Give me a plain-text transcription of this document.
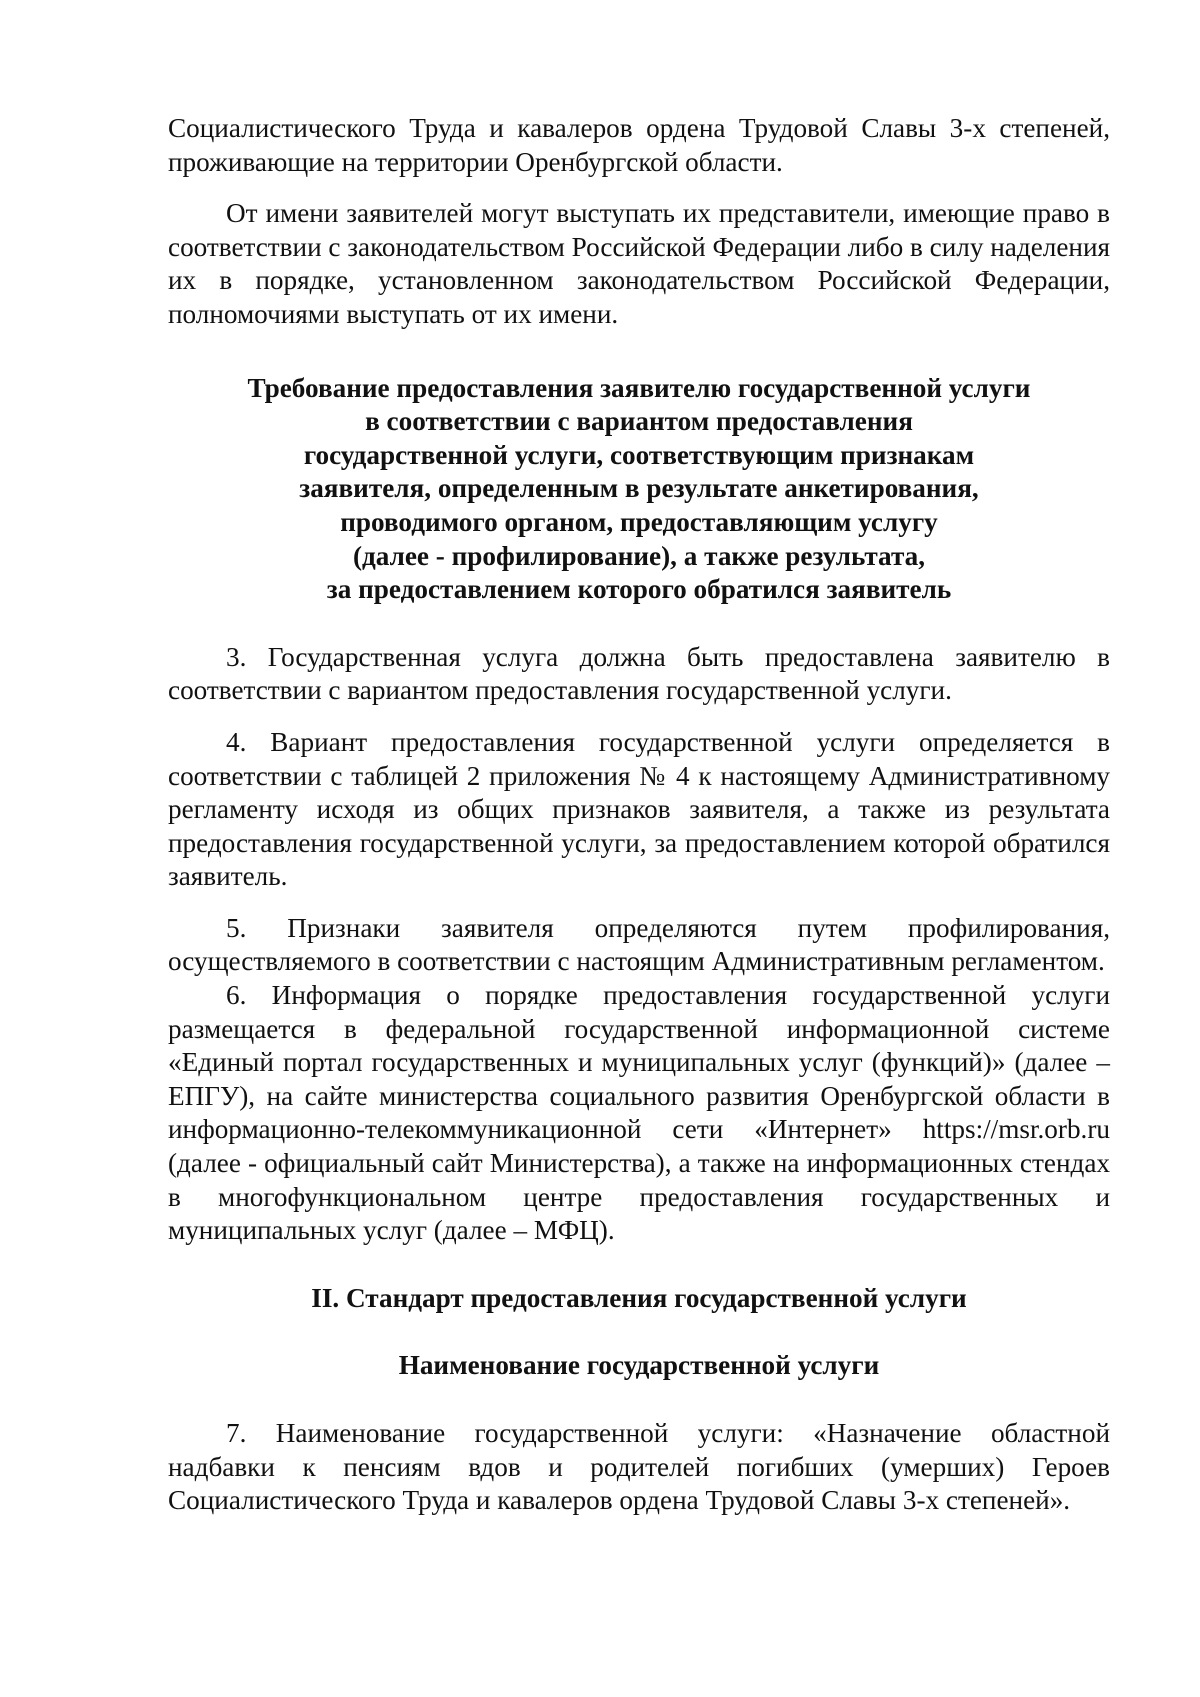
Социалистического Труда и кавалеров ордена Трудовой Славы 3-х степеней, проживающие на территории Оренбургской области.

От имени заявителей могут выступать их представители, имеющие право в соответствии с законодательством Российской Федерации либо в силу наделения их в порядке, установленном законодательством Российской Федерации, полномочиями выступать от их имени.

Требование предоставления заявителю государственной услуги
в соответствии с вариантом предоставления
государственной услуги, соответствующим признакам
заявителя, определенным в результате анкетирования,
проводимого органом, предоставляющим услугу
(далее - профилирование), а также результата,
за предоставлением которого обратился заявитель

3. Государственная услуга должна быть предоставлена заявителю в соответствии с вариантом предоставления государственной услуги.

4. Вариант предоставления государственной услуги определяется в соответствии с таблицей 2 приложения № 4 к настоящему Административному регламенту исходя из общих признаков заявителя, а также из результата предоставления государственной услуги, за предоставлением которой обратился заявитель.

5. Признаки заявителя определяются путем профилирования, осуществляемого в соответствии с настоящим Административным регламентом.

6. Информация о порядке предоставления государственной услуги размещается в федеральной государственной информационной системе «Единый портал государственных и муниципальных услуг (функций)» (далее – ЕПГУ), на сайте министерства социального развития Оренбургской области в информационно-телекоммуникационной сети «Интернет» https://msr.orb.ru (далее - официальный сайт Министерства), а также на информационных стендах в многофункциональном центре предоставления государственных и муниципальных услуг (далее – МФЦ).

II. Стандарт предоставления государственной услуги
Наименование государственной услуги

7. Наименование государственной услуги: «Назначение областной надбавки к пенсиям вдов и родителей погибших (умерших) Героев Социалистического Труда и кавалеров ордена Трудовой Славы 3-х степеней».
